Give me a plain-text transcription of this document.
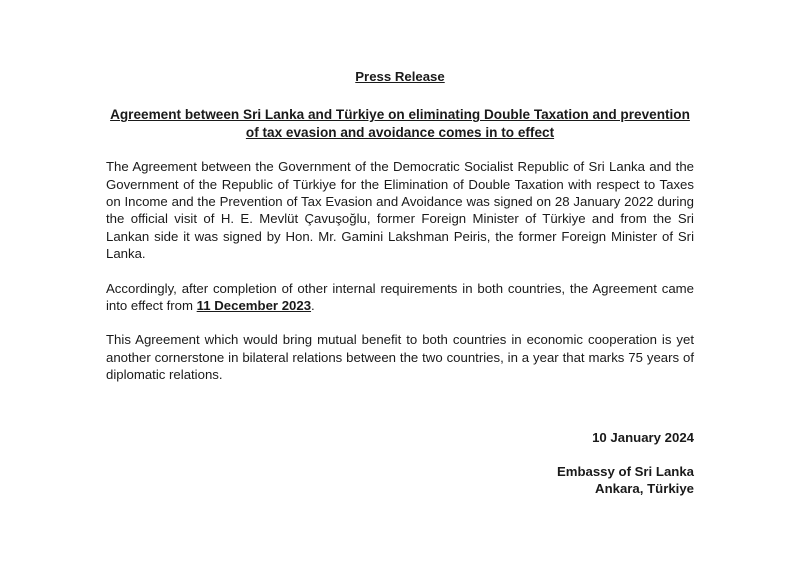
Press Release

Agreement between Sri Lanka and Türkiye on eliminating Double Taxation and prevention of tax evasion and avoidance comes in to effect

The Agreement between the Government of the Democratic Socialist Republic of Sri Lanka and the Government of the Republic of Türkiye for the Elimination of Double Taxation with respect to Taxes on Income and the Prevention of Tax Evasion and Avoidance was signed on 28 January 2022 during the official visit of H. E. Mevlüt Çavuşoğlu, former Foreign Minister of Türkiye and from the Sri Lankan side it was signed by Hon. Mr. Gamini Lakshman Peiris, the former Foreign Minister of Sri Lanka.

Accordingly, after completion of other internal requirements in both countries, the Agreement came into effect from 11 December 2023.

This Agreement which would bring mutual benefit to both countries in economic cooperation is yet another cornerstone in bilateral relations between the two countries, in a year that marks 75 years of diplomatic relations.

10 January 2024
Embassy of Sri Lanka
Ankara, Türkiye
